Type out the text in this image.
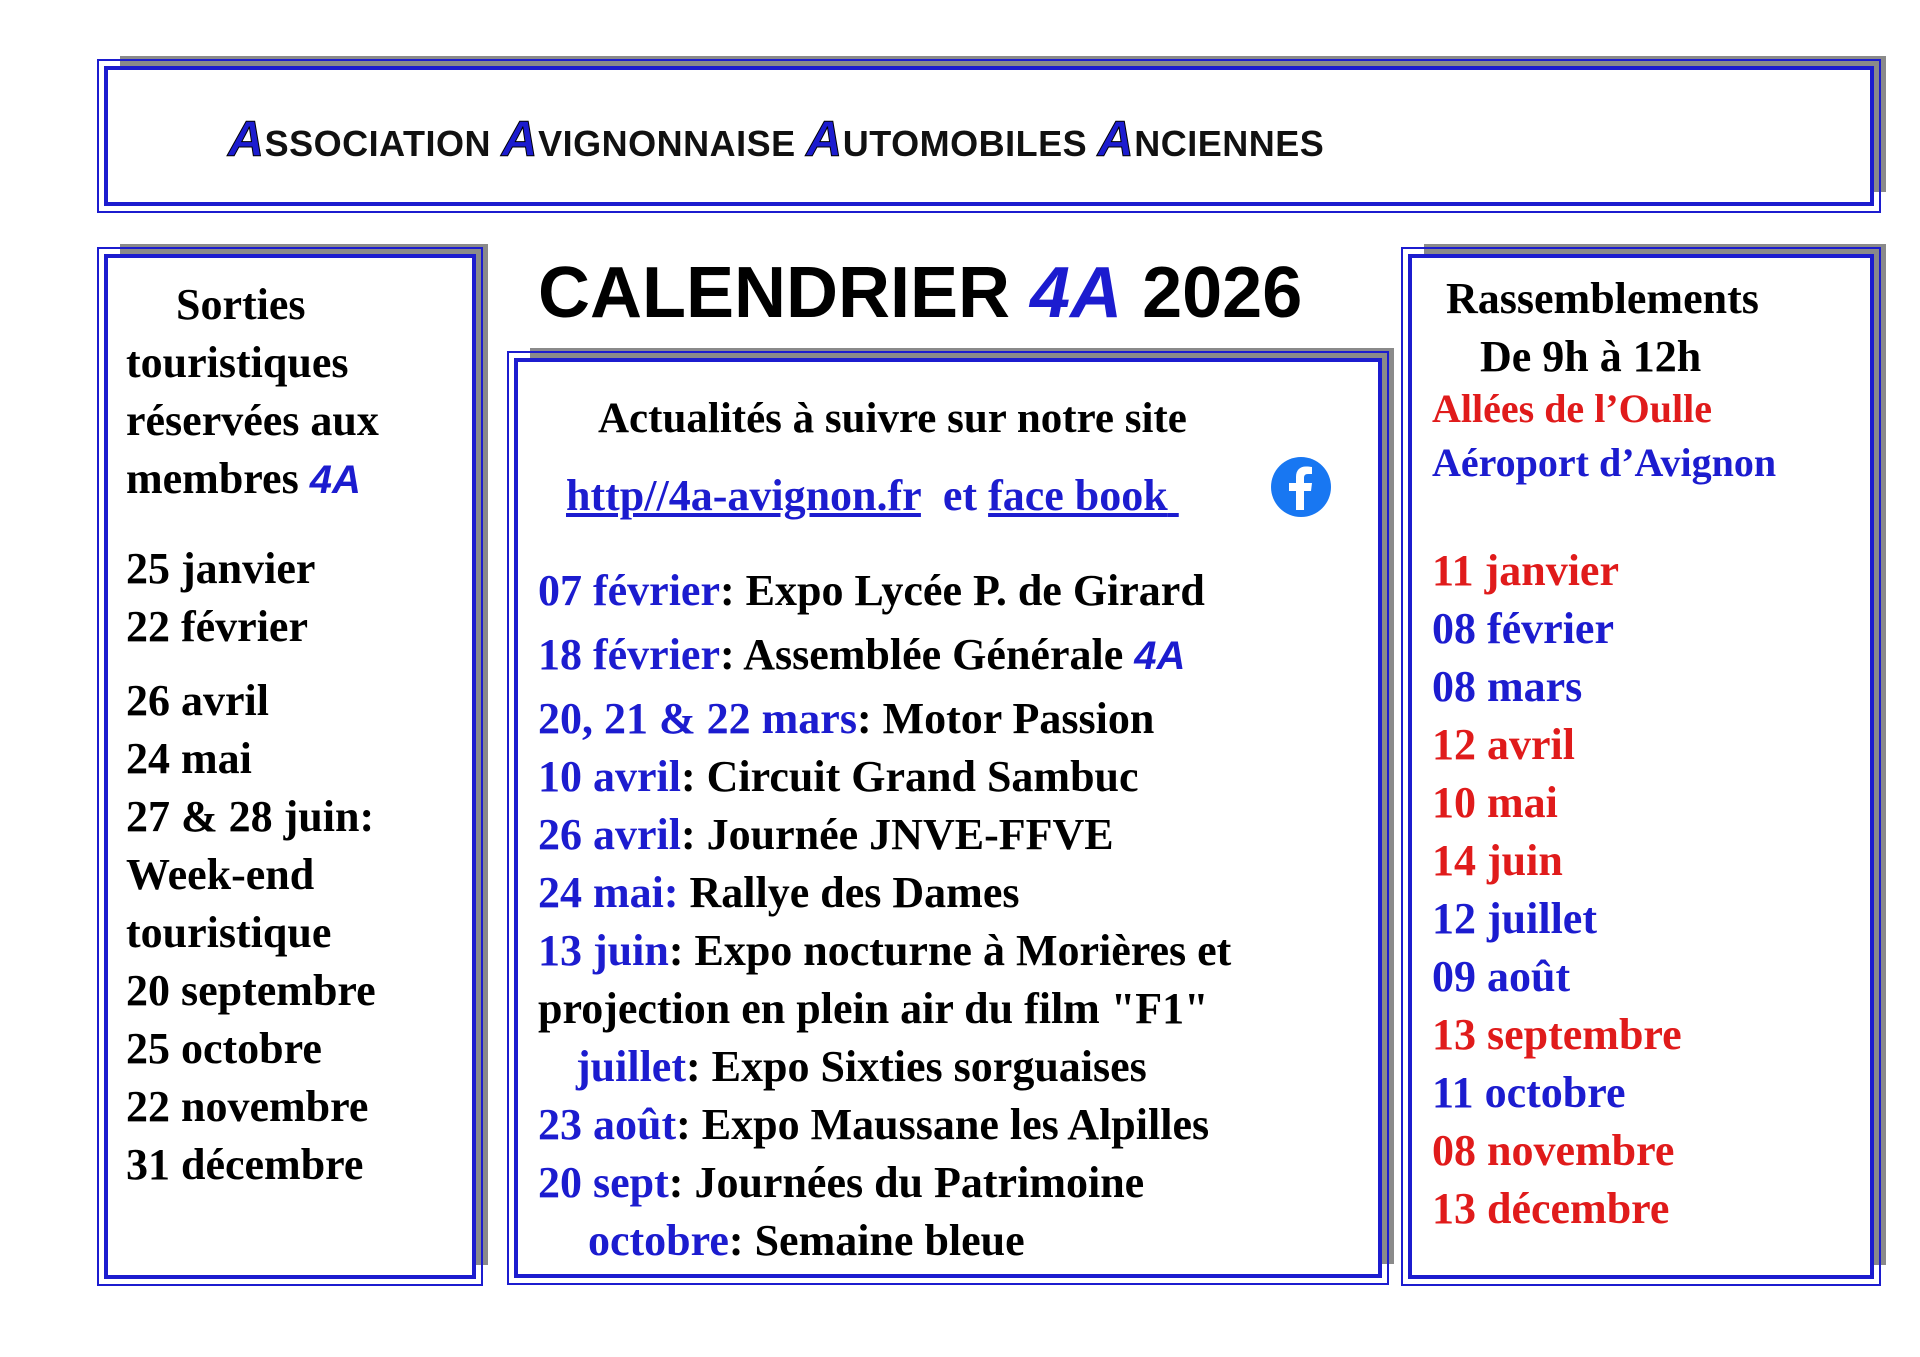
ASSOCIATION AVIGNONNAISE AUTOMOBILES ANCIENNES
Sorties
touristiques
réservées aux
membres 4A
25 janvier
22 février
26 avril
24 mai
27 & 28 juin:
Week-end
touristique
20 septembre
25 octobre
22 novembre
31 décembre
CALENDRIER 4A 2026
Actualités à suivre sur notre site
http//4a-avignon.fr et face book
07 février: Expo Lycée P. de Girard
18 février: Assemblée Générale 4A
20, 21 & 22 mars: Motor Passion
10 avril: Circuit Grand Sambuc
26 avril: Journée JNVE-FFVE
24 mai: Rallye des Dames
13 juin: Expo nocturne à Morières et
projection en plein air du film "F1"
juillet: Expo Sixties sorguaises
23 août: Expo Maussane les Alpilles
20 sept: Journées du Patrimoine
octobre: Semaine bleue
Rassemblements
De 9h à 12h
Allées de l’Oulle
Aéroport d’Avignon
11 janvier
08 février
08 mars
12 avril
10 mai
14 juin
12 juillet
09 août
13 septembre
11 octobre
08 novembre
13 décembre
